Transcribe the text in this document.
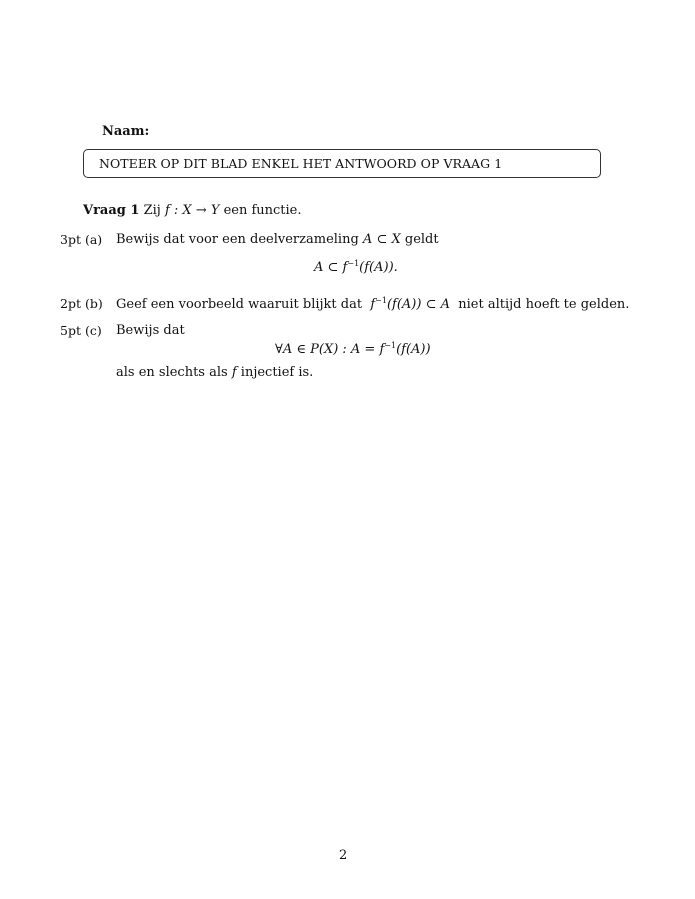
Naam:
NOTEER OP DIT BLAD ENKEL HET ANTWOORD OP VRAAG 1
Vraag 1 Zij f : X → Y een functie.
3pt (a) Bewijs dat voor een deelverzameling A ⊂ X geldt
A ⊂ $f^{-1}(f(A))$.
2pt (b) Geef een voorbeeld waaruit blijkt dat $f^{-1}(f(A))$ ⊂ A niet altijd hoeft te gelden.
5pt (c) Bewijs dat
∀A ∈ P(X) : $A = f^{-1}(f(A))$
als en slechts als f injectief is.
2
